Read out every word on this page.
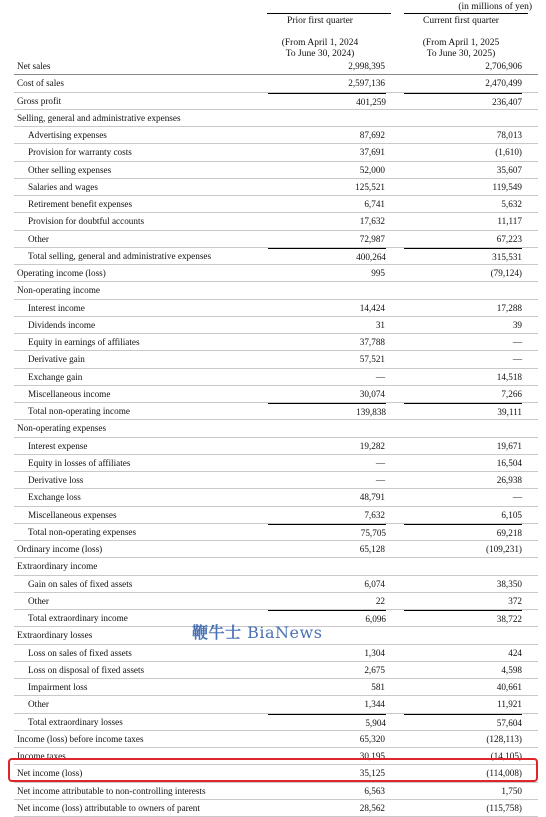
(in millions of yen)
Prior first quarter
(From April 1, 2024
To June 30, 2024)
Current first quarter
(From April 1, 2025
To June 30, 2025)
Net sales	2,998,395	2,706,906
Cost of sales	2,597,136	2,470,499
Gross profit	401,259	236,407
Selling, general and administrative expenses
Advertising expenses	87,692	78,013
Provision for warranty costs	37,691	(1,610)
Other selling expenses	52,000	35,607
Salaries and wages	125,521	119,549
Retirement benefit expenses	6,741	5,632
Provision for doubtful accounts	17,632	11,117
Other	72,987	67,223
Total selling, general and administrative expenses	400,264	315,531
Operating income (loss)	995	(79,124)
Non-operating income
Interest income	14,424	17,288
Dividends income	31	39
Equity in earnings of affiliates	37,788	—
Derivative gain	57,521	—
Exchange gain	—	14,518
Miscellaneous income	30,074	7,266
Total non-operating income	139,838	39,111
Non-operating expenses
Interest expense	19,282	19,671
Equity in losses of affiliates	—	16,504
Derivative loss	—	26,938
Exchange loss	48,791	—
Miscellaneous expenses	7,632	6,105
Total non-operating expenses	75,705	69,218
Ordinary income (loss)	65,128	(109,231)
Extraordinary income
Gain on sales of fixed assets	6,074	38,350
Other	22	372
Total extraordinary income	6,096	38,722
Extraordinary losses
Loss on sales of fixed assets	1,304	424
Loss on disposal of fixed assets	2,675	4,598
Impairment loss	581	40,661
Other	1,344	11,921
Total extraordinary losses	5,904	57,604
Income (loss) before income taxes	65,320	(128,113)
Income taxes	30,195	(14,105)
Net income (loss)	35,125	(114,008)
Net income attributable to non-controlling interests	6,563	1,750
Net income (loss) attributable to owners of parent	28,562	(115,758)
鞭牛士 BiaNews
